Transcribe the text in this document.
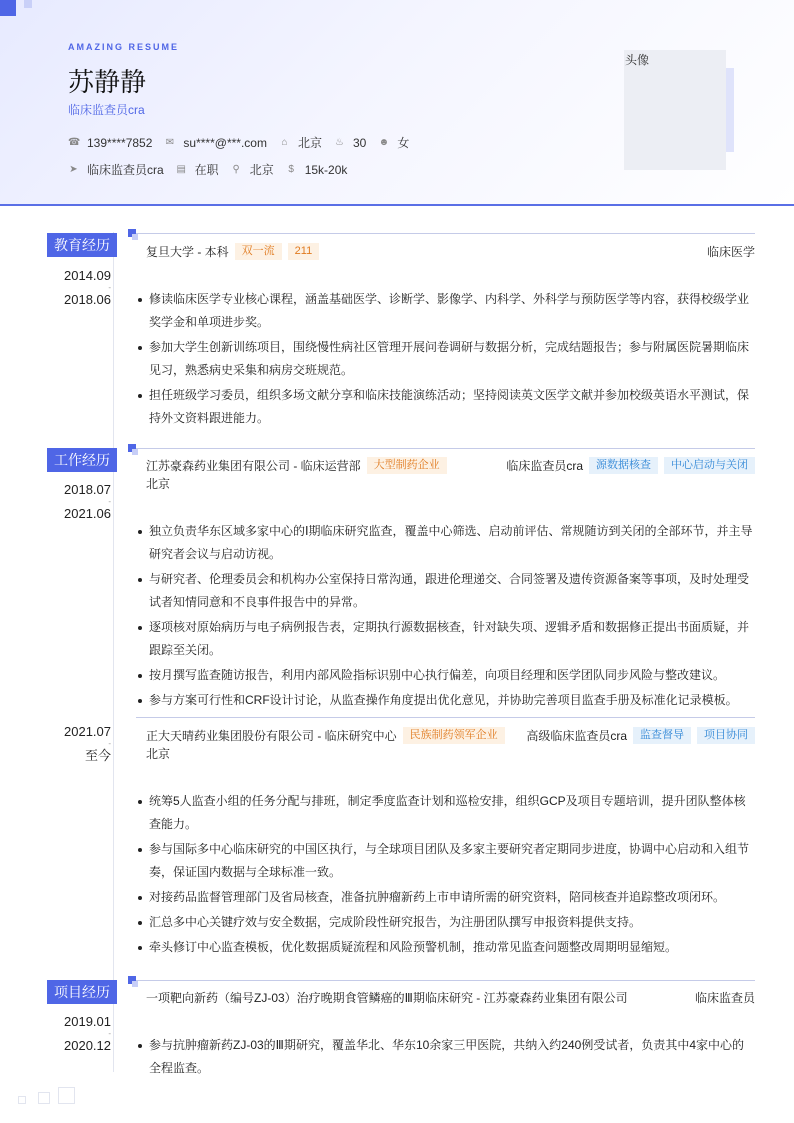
AMAZING RESUME
苏静静
临床监查员cra
☎ 139****7852 ✉ su****@***.com ⌂ 北京 ♨ 30 ☻ 女
➤ 临床监查员cra ▤ 在职 ⚲ 北京 $ 15k-20k
头像
教育经历
2014.09
-
2018.06
复旦大学 - 本科	双一流	211	临床医学
修读临床医学专业核心课程，涵盖基础医学、诊断学、影像学、内科学、外科学与预防医学等内容，获得校级学业奖学金和单项进步奖。
参加大学生创新训练项目，围绕慢性病社区管理开展问卷调研与数据分析，完成结题报告；参与附属医院暑期临床见习，熟悉病史采集和病房交班规范。
担任班级学习委员，组织多场文献分享和临床技能演练活动；坚持阅读英文医学文献并参加校级英语水平测试，保持外文资料跟进能力。
工作经历
2018.07
-
2021.06
江苏豪森药业集团有限公司 - 临床运营部	大型制药企业	临床监查员cra	源数据核查	中心启动与关闭
北京
独立负责华东区域多家中心的Ⅰ期临床研究监查，覆盖中心筛选、启动前评估、常规随访到关闭的全部环节，并主导研究者会议与启动访视。
与研究者、伦理委员会和机构办公室保持日常沟通，跟进伦理递交、合同签署及遗传资源备案等事项，及时处理受试者知情同意和不良事件报告中的异常。
逐项核对原始病历与电子病例报告表，定期执行源数据核查，针对缺失项、逻辑矛盾和数据修正提出书面质疑，并跟踪至关闭。
按月撰写监查随访报告，利用内部风险指标识别中心执行偏差，向项目经理和医学团队同步风险与整改建议。
参与方案可行性和CRF设计讨论，从监查操作角度提出优化意见，并协助完善项目监查手册及标准化记录模板。
2021.07
-
至今
正大天晴药业集团股份有限公司 - 临床研究中心	民族制药领军企业	高级临床监查员cra	监查督导	项目协同
北京
统筹5人监查小组的任务分配与排班，制定季度监查计划和巡检安排，组织GCP及项目专题培训，提升团队整体核查能力。
参与国际多中心临床研究的中国区执行，与全球项目团队及多家主要研究者定期同步进度，协调中心启动和入组节奏，保证国内数据与全球标准一致。
对接药品监督管理部门及省局核查，准备抗肿瘤新药上市申请所需的研究资料，陪同核查并追踪整改项闭环。
汇总多中心关键疗效与安全数据，完成阶段性研究报告，为注册团队撰写申报资料提供支持。
牵头修订中心监查模板，优化数据质疑流程和风险预警机制，推动常见监查问题整改周期明显缩短。
项目经历
2019.01
-
2020.12
一项靶向新药（编号ZJ-03）治疗晚期食管鳞癌的Ⅲ期临床研究 - 江苏豪森药业集团有限公司	临床监查员
参与抗肿瘤新药ZJ-03的Ⅲ期研究，覆盖华北、华东10余家三甲医院，共纳入约240例受试者，负责其中4家中心的全程监查。
